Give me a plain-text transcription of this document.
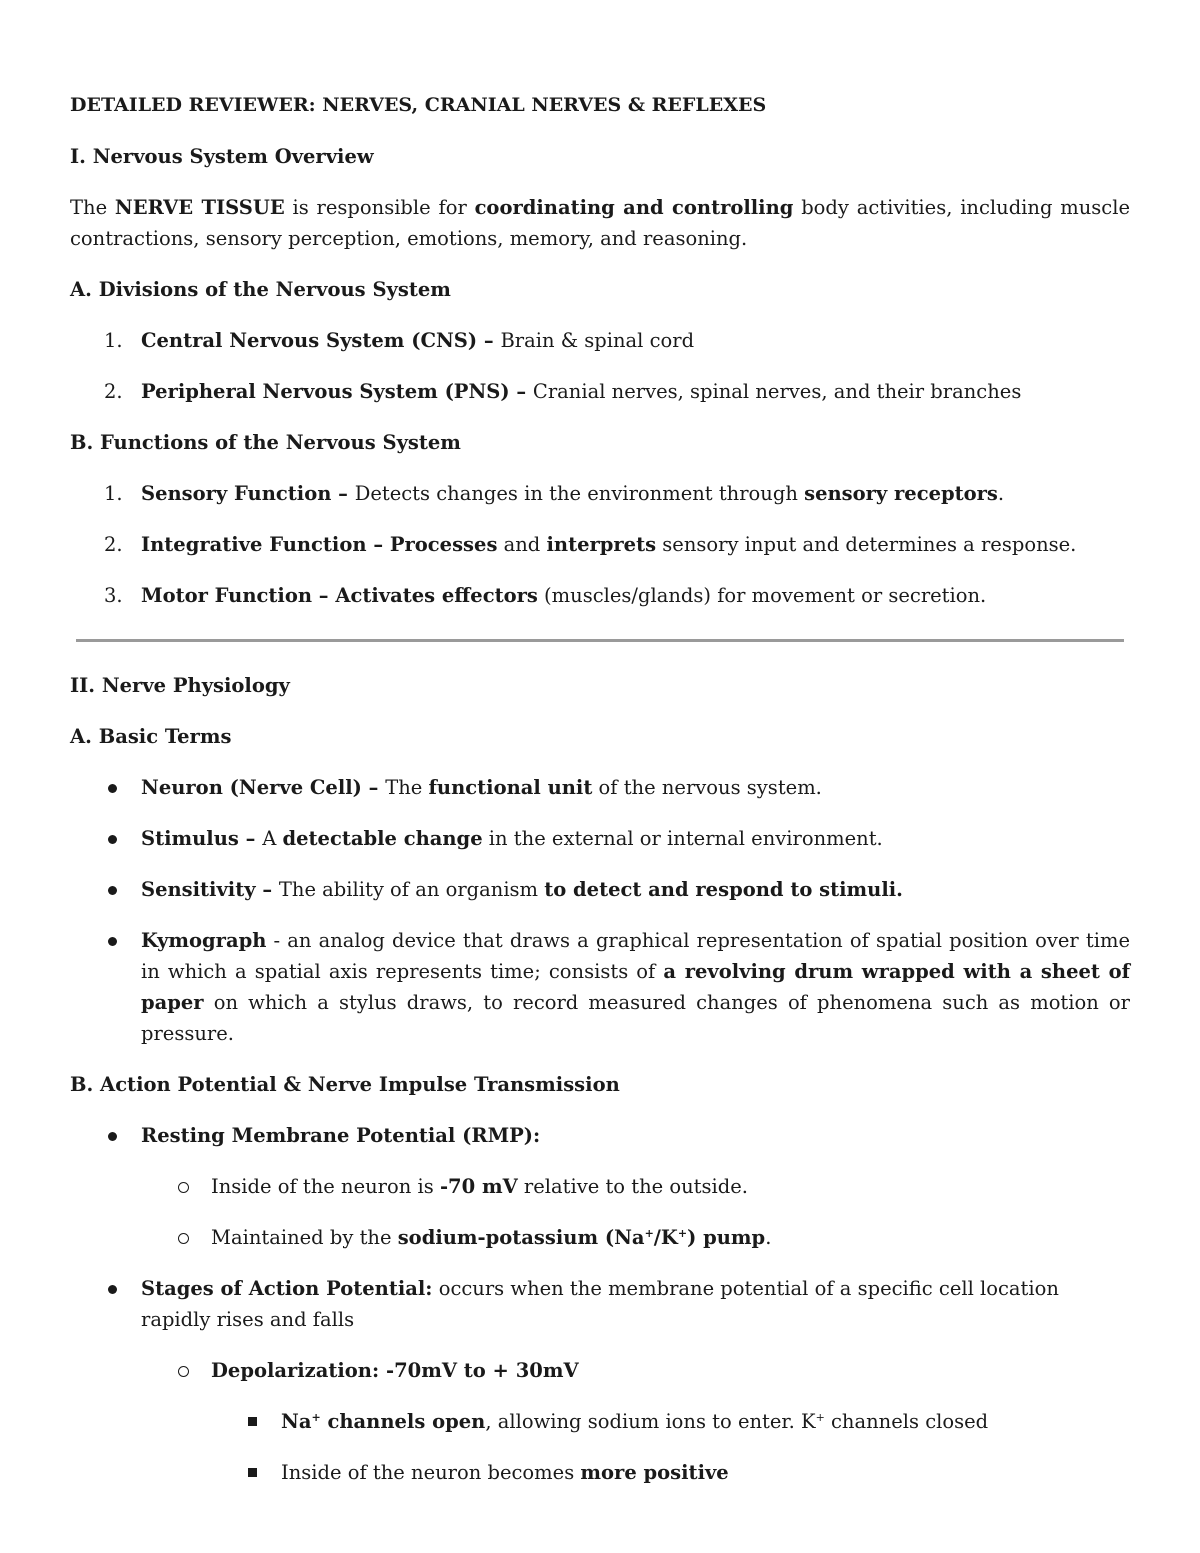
DETAILED REVIEWER: NERVES, CRANIAL NERVES & REFLEXES
I. Nervous System Overview

The NERVE TISSUE is responsible for coordinating and controlling body activities, including muscle contractions, sensory perception, emotions, memory, and reasoning.

A. Divisions of the Nervous System
1. Central Nervous System (CNS) – Brain & spinal cord
2. Peripheral Nervous System (PNS) – Cranial nerves, spinal nerves, and their branches
B. Functions of the Nervous System
1. Sensory Function – Detects changes in the environment through sensory receptors.
2. Integrative Function – Processes and interprets sensory input and determines a response.
3. Motor Function – Activates effectors (muscles/glands) for movement or secretion.
II. Nerve Physiology
A. Basic Terms
Neuron (Nerve Cell) – The functional unit of the nervous system.
Stimulus – A detectable change in the external or internal environment.
Sensitivity – The ability of an organism to detect and respond to stimuli.
Kymograph - an analog device that draws a graphical representation of spatial position over time in which a spatial axis represents time; consists of a revolving drum wrapped with a sheet of paper on which a stylus draws, to record measured changes of phenomena such as motion or pressure.
B. Action Potential & Nerve Impulse Transmission
Resting Membrane Potential (RMP):
Inside of the neuron is -70 mV relative to the outside.
Maintained by the sodium-potassium (Na+/K+) pump.
Stages of Action Potential: occurs when the membrane potential of a specific cell location rapidly rises and falls
Depolarization: -70mV to + 30mV
Na+ channels open, allowing sodium ions to enter. K+ channels closed
Inside of the neuron becomes more positive
